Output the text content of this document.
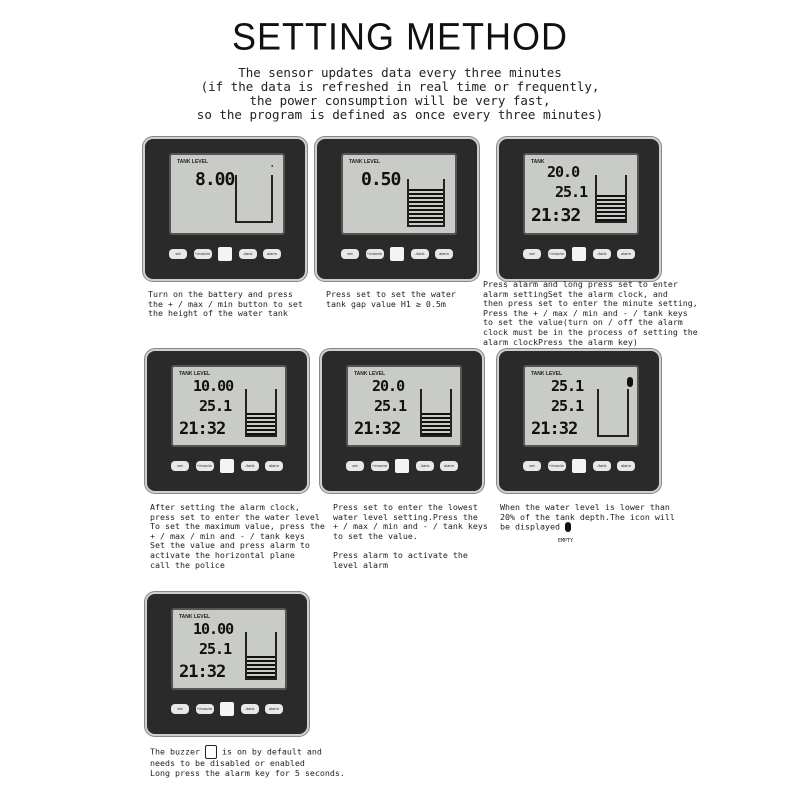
SETTING METHOD
The sensor updates data every three minutes
(if the data is refreshed in real time or frequently,
the power consumption will be very fast,
so the program is defined as once every three minutes)
TANK LEVEL
8.00
●
set	+/max/m	-/tank	alarm
Turn on the battery and press
the + / max / min button to set
the height of the water tank
TANK LEVEL
0.50
set	+/max/m	-/tank	alarm
Press set to set the water
tank gap value H1 ≥ 0.5m
TANK
20.0
25.1
21:32
set	+/max/m	-/tank	alarm
Press alarm and long press set to enter
alarm settingSet the alarm clock, and
then press set to enter the minute setting,
Press the + / max / min and - / tank keys
to set the value(turn on / off the alarm
clock must be in the process of setting the
alarm clockPress the alarm key)
TANK LEVEL
10.00
25.1
21:32
set	+/max/m	-/tank	alarm
After setting the alarm clock,
press set to enter the water level
To set the maximum value, press the
+ / max / min and - / tank keys
Set the value and press alarm to
activate the horizontal plane
call the police
TANK LEVEL
20.0
25.1
21:32
set	+/max/m	-/tank	alarm
Press set to enter the lowest
water level setting.Press the
+ / max / min and - / tank keys
to set the value.

Press alarm to activate the
level alarm
TANK LEVEL
25.1
25.1
21:32
set	+/max/m	-/tank	alarm
When the water level is lower than
20% of the tank depth.The icon will
be displayed
EMPTY
TANK LEVEL
10.00
25.1
21:32
set	+/max/m	-/tank	alarm
The buzzer	is on by default and
needs to be disabled or enabled
Long press the alarm key for 5 seconds.
